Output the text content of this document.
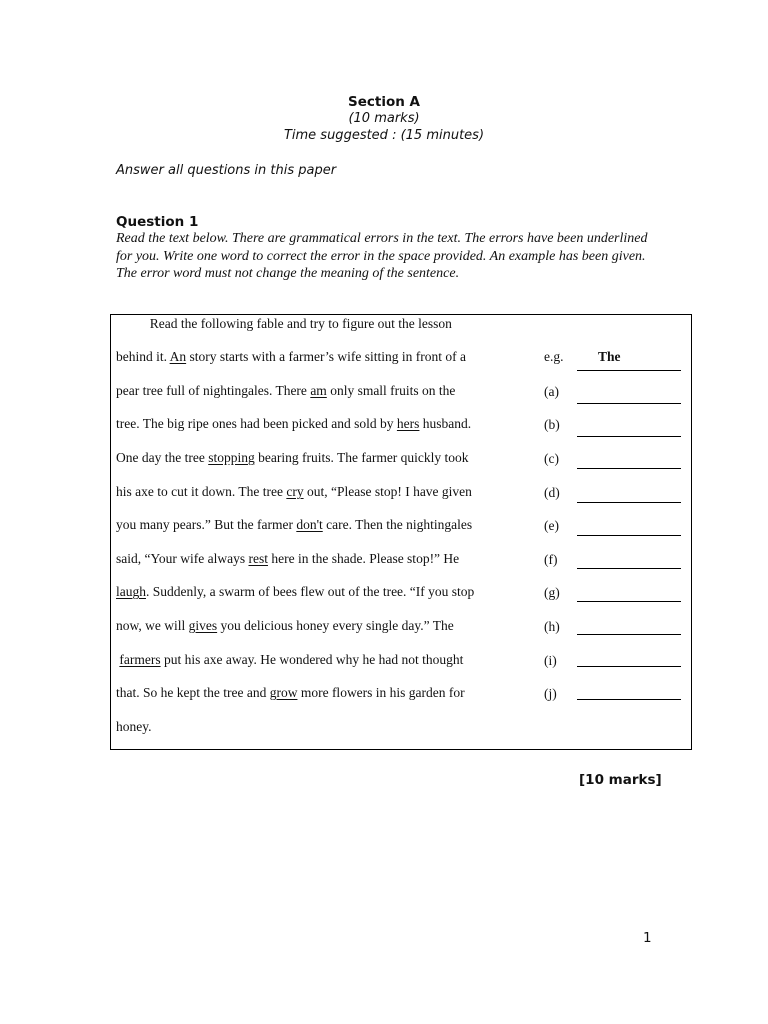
Section A
(10 marks)
Time suggested : (15 minutes)
Answer all questions in this paper
Question 1
Read the text below. There are grammatical errors in the text. The errors have been underlined for you. Write one word to correct the error in the space provided. An example has been given. The error word must not change the meaning of the sentence.
Read the following fable and try to figure out the lesson
behind it. An story starts with a farmer’s wife sitting in front of a
pear tree full of nightingales. There am only small fruits on the
tree. The big ripe ones had been picked and sold by hers husband.
One day the tree stopping bearing fruits. The farmer quickly took
his axe to cut it down. The tree cry out, “Please stop! I have given
you many pears.” But the farmer don't care. Then the nightingales
said, “Your wife always rest here in the shade. Please stop!” He
laugh. Suddenly, a swarm of bees flew out of the tree. “If you stop
now, we will gives you delicious honey every single day.” The
farmers put his axe away. He wondered why he had not thought
that. So he kept the tree and grow more flowers in his garden for
honey.
e.g.	The
(a)
(b)
(c)
(d)
(e)
(f)
(g)
(h)
(i)
(j)
[10 marks]
1
